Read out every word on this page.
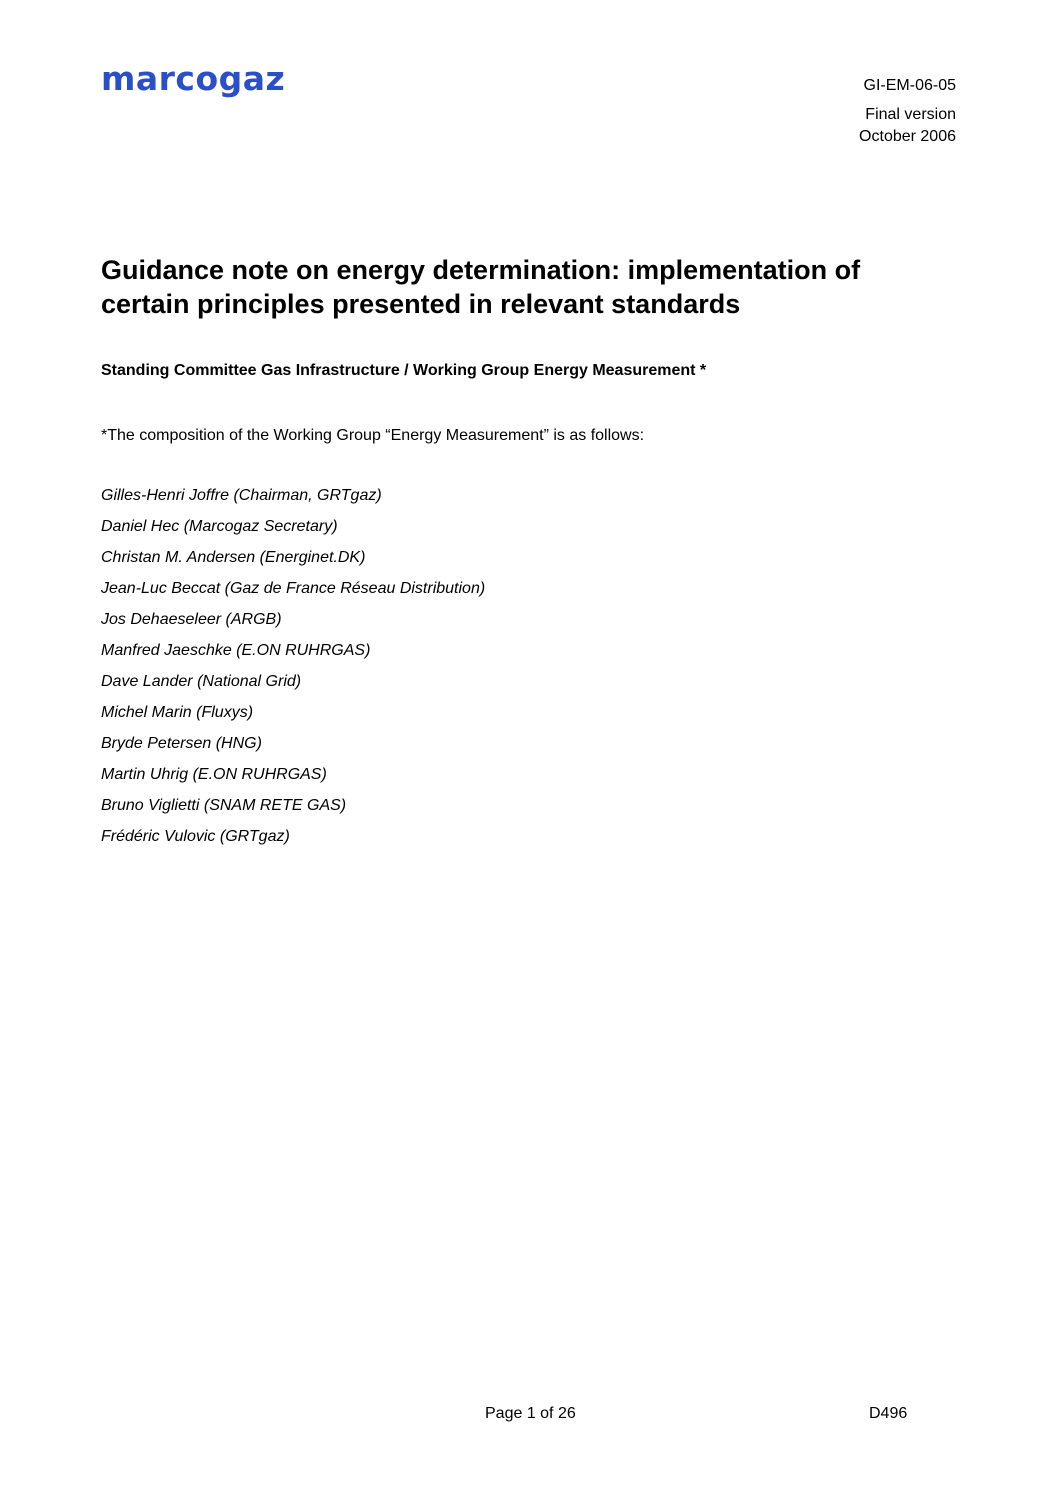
marcogaz	GI-EM-06-05
Final version
October 2006
Guidance note on energy determination: implementation of certain principles presented in relevant standards
Standing Committee Gas Infrastructure / Working Group Energy Measurement *
*The composition of the Working Group “Energy Measurement” is as follows:
Gilles-Henri Joffre (Chairman, GRTgaz)
Daniel Hec (Marcogaz Secretary)
Christan M. Andersen (Energinet.DK)
Jean-Luc Beccat (Gaz de France Réseau Distribution)
Jos Dehaeseleer (ARGB)
Manfred Jaeschke (E.ON RUHRGAS)
Dave Lander (National Grid)
Michel Marin (Fluxys)
Bryde Petersen (HNG)
Martin Uhrig (E.ON RUHRGAS)
Bruno Viglietti (SNAM RETE GAS)
Frédéric Vulovic (GRTgaz)
Page 1 of 26	D496
